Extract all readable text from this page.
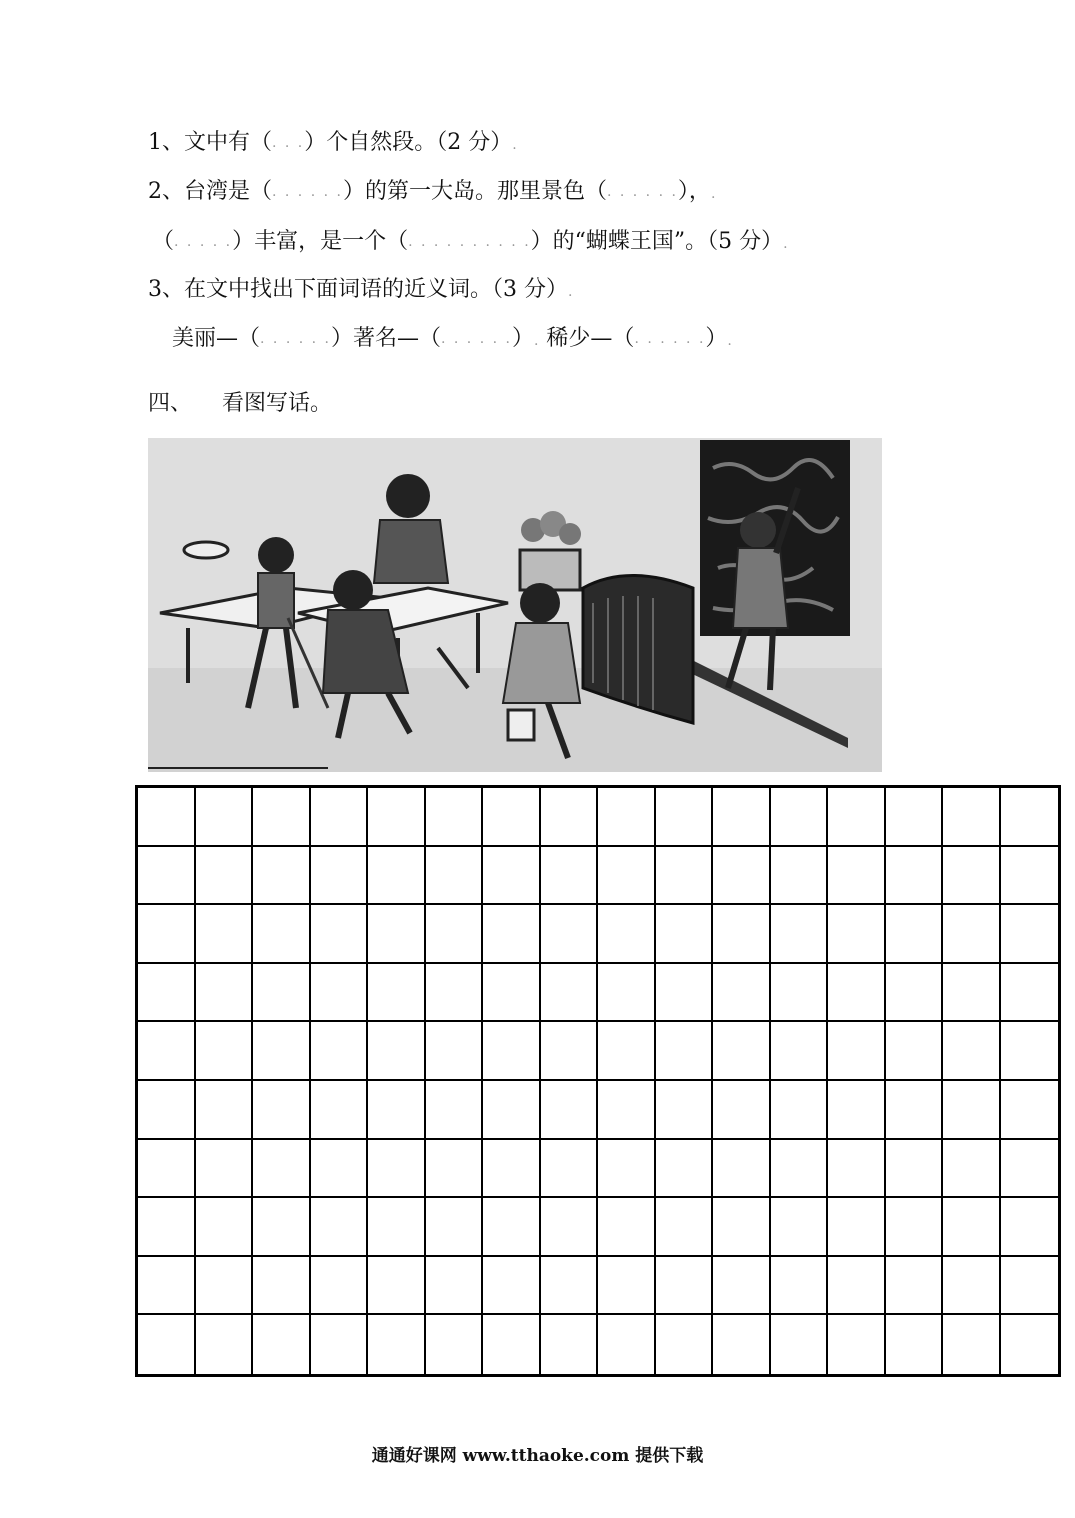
1、文中有（. . .）个自然段。（2 分）.
2、台湾是（. . . . . .）的第一大岛。那里景色（. . . . . .），.
（. . . . .）丰富，是一个（. . . . . . . . . .）的“蝴蝶王国”。（5 分）.
3、在文中找出下面词语的近义词。（3 分）.
美丽—（. . . . . .）著名—（. . . . . .）. 稀少—（. . . . . .）.
四、 看图写话。
通通好课网 www.tthaoke.com 提供下载
